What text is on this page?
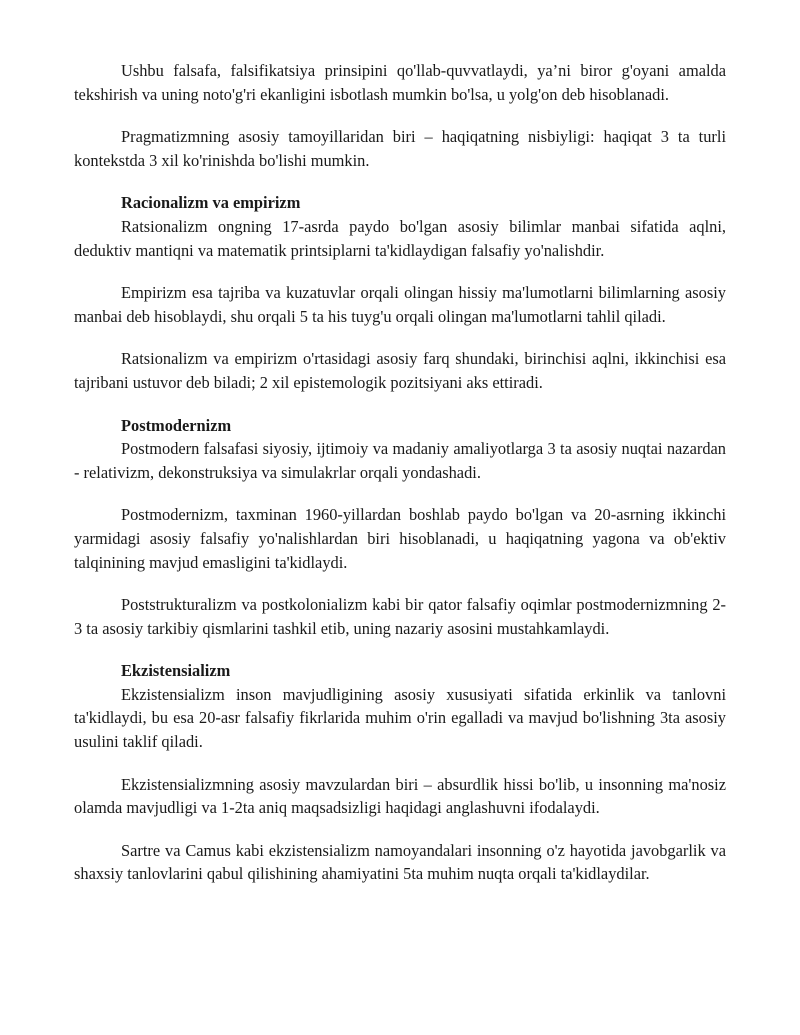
Ushbu falsafa, falsifikatsiya prinsipini qo'llab-quvvatlaydi, ya’ni biror g'oyani amalda tekshirish va uning noto'g'ri ekanligini isbotlash mumkin bo'lsa, u yolg'on deb hisoblanadi.

Pragmatizmning asosiy tamoyillaridan biri – haqiqatning nisbiyligi: haqiqat 3 ta turli kontekstda 3 xil ko'rinishda bo'lishi mumkin.

Racionalizm va empirizm

Ratsionalizm ongning 17-asrda paydo bo'lgan asosiy bilimlar manbai sifatida aqlni, deduktiv mantiqni va matematik printsiplarni ta'kidlaydigan falsafiy yo'nalishdir.

Empirizm esa tajriba va kuzatuvlar orqali olingan hissiy ma'lumotlarni bilimlarning asosiy manbai deb hisoblaydi, shu orqali 5 ta his tuyg'u orqali olingan ma'lumotlarni tahlil qiladi.

Ratsionalizm va empirizm o'rtasidagi asosiy farq shundaki, birinchisi aqlni, ikkinchisi esa tajribani ustuvor deb biladi; 2 xil epistemologik pozitsiyani aks ettiradi.

Postmodernizm

Postmodern falsafasi siyosiy, ijtimoiy va madaniy amaliyotlarga 3 ta asosiy nuqtai nazardan - relativizm, dekonstruksiya va simulakrlar orqali yondashadi.

Postmodernizm, taxminan 1960-yillardan boshlab paydo bo'lgan va 20-asrning ikkinchi yarmidagi asosiy falsafiy yo'nalishlardan biri hisoblanadi, u haqiqatning yagona va ob'ektiv talqinining mavjud emasligini ta'kidlaydi.

Poststrukturalizm va postkolonializm kabi bir qator falsafiy oqimlar postmodernizmning 2-3 ta asosiy tarkibiy qismlarini tashkil etib, uning nazariy asosini mustahkamlaydi.

Ekzistensializm

Ekzistensializm inson mavjudligining asosiy xususiyati sifatida erkinlik va tanlovni ta'kidlaydi, bu esa 20-asr falsafiy fikrlarida muhim o'rin egalladi va mavjud bo'lishning 3ta asosiy usulini taklif qiladi.

Ekzistensializmning asosiy mavzulardan biri – absurdlik hissi bo'lib, u insonning ma'nosiz olamda mavjudligi va 1-2ta aniq maqsadsizligi haqidagi anglashuvni ifodalaydi.

Sartre va Camus kabi ekzistensializm namoyandalari insonning o'z hayotida javobgarlik va shaxsiy tanlovlarini qabul qilishining ahamiyatini 5ta muhim nuqta orqali ta'kidlaydilar.
